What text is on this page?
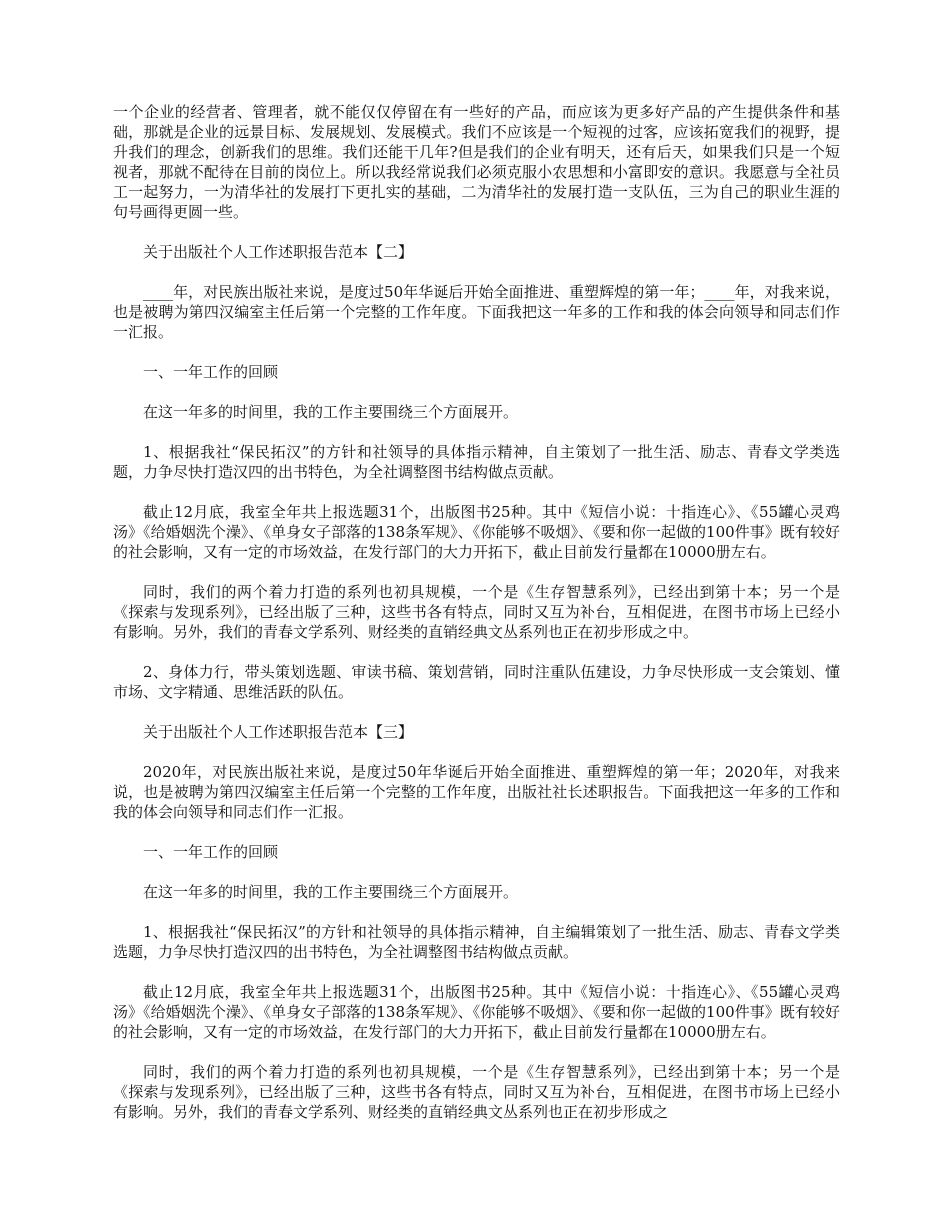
一个企业的经营者、管理者，就不能仅仅停留在有一些好的产品，而应该为更多好产品的产生提供条件和基础，那就是企业的远景目标、发展规划、发展模式。我们不应该是一个短视的过客，应该拓宽我们的视野，提升我们的理念，创新我们的思维。我们还能干几年?但是我们的企业有明天，还有后天，如果我们只是一个短视者，那就不配待在目前的岗位上。所以我经常说我们必须克服小农思想和小富即安的意识。我愿意与全社员工一起努力，一为清华社的发展打下更扎实的基础，二为清华社的发展打造一支队伍，三为自己的职业生涯的句号画得更圆一些。

关于出版社个人工作述职报告范本【二】

____年，对民族出版社来说，是度过50年华诞后开始全面推进、重塑辉煌的第一年；____年，对我来说，也是被聘为第四汉编室主任后第一个完整的工作年度。下面我把这一年多的工作和我的体会向领导和同志们作一汇报。

一、一年工作的回顾

在这一年多的时间里，我的工作主要围绕三个方面展开。

1、根据我社“保民拓汉”的方针和社领导的具体指示精神，自主策划了一批生活、励志、青春文学类选题，力争尽快打造汉四的出书特色，为全社调整图书结构做点贡献。

截止12月底，我室全年共上报选题31个，出版图书25种。其中《短信小说：十指连心》、《55罐心灵鸡汤》《给婚姻洗个澡》、《单身女子部落的138条军规》、《你能够不吸烟》、《要和你一起做的100件事》既有较好的社会影响，又有一定的市场效益，在发行部门的大力开拓下，截止目前发行量都在10000册左右。

同时，我们的两个着力打造的系列也初具规模，一个是《生存智慧系列》，已经出到第十本；另一个是《探索与发现系列》，已经出版了三种，这些书各有特点，同时又互为补台，互相促进，在图书市场上已经小有影响。另外，我们的青春文学系列、财经类的直销经典文丛系列也正在初步形成之中。

2、身体力行，带头策划选题、审读书稿、策划营销，同时注重队伍建设，力争尽快形成一支会策划、懂市场、文字精通、思维活跃的队伍。

关于出版社个人工作述职报告范本【三】

2020年，对民族出版社来说，是度过50年华诞后开始全面推进、重塑辉煌的第一年；2020年，对我来说，也是被聘为第四汉编室主任后第一个完整的工作年度，出版社社长述职报告。下面我把这一年多的工作和我的体会向领导和同志们作一汇报。

一、一年工作的回顾

在这一年多的时间里，我的工作主要围绕三个方面展开。

1、根据我社“保民拓汉”的方针和社领导的具体指示精神，自主编辑策划了一批生活、励志、青春文学类选题，力争尽快打造汉四的出书特色，为全社调整图书结构做点贡献。

截止12月底，我室全年共上报选题31个，出版图书25种。其中《短信小说：十指连心》、《55罐心灵鸡汤》《给婚姻洗个澡》、《单身女子部落的138条军规》、《你能够不吸烟》、《要和你一起做的100件事》既有较好的社会影响，又有一定的市场效益，在发行部门的大力开拓下，截止目前发行量都在10000册左右。

同时，我们的两个着力打造的系列也初具规模，一个是《生存智慧系列》，已经出到第十本；另一个是《探索与发现系列》，已经出版了三种，这些书各有特点，同时又互为补台，互相促进，在图书市场上已经小有影响。另外，我们的青春文学系列、财经类的直销经典文丛系列也正在初步形成之
